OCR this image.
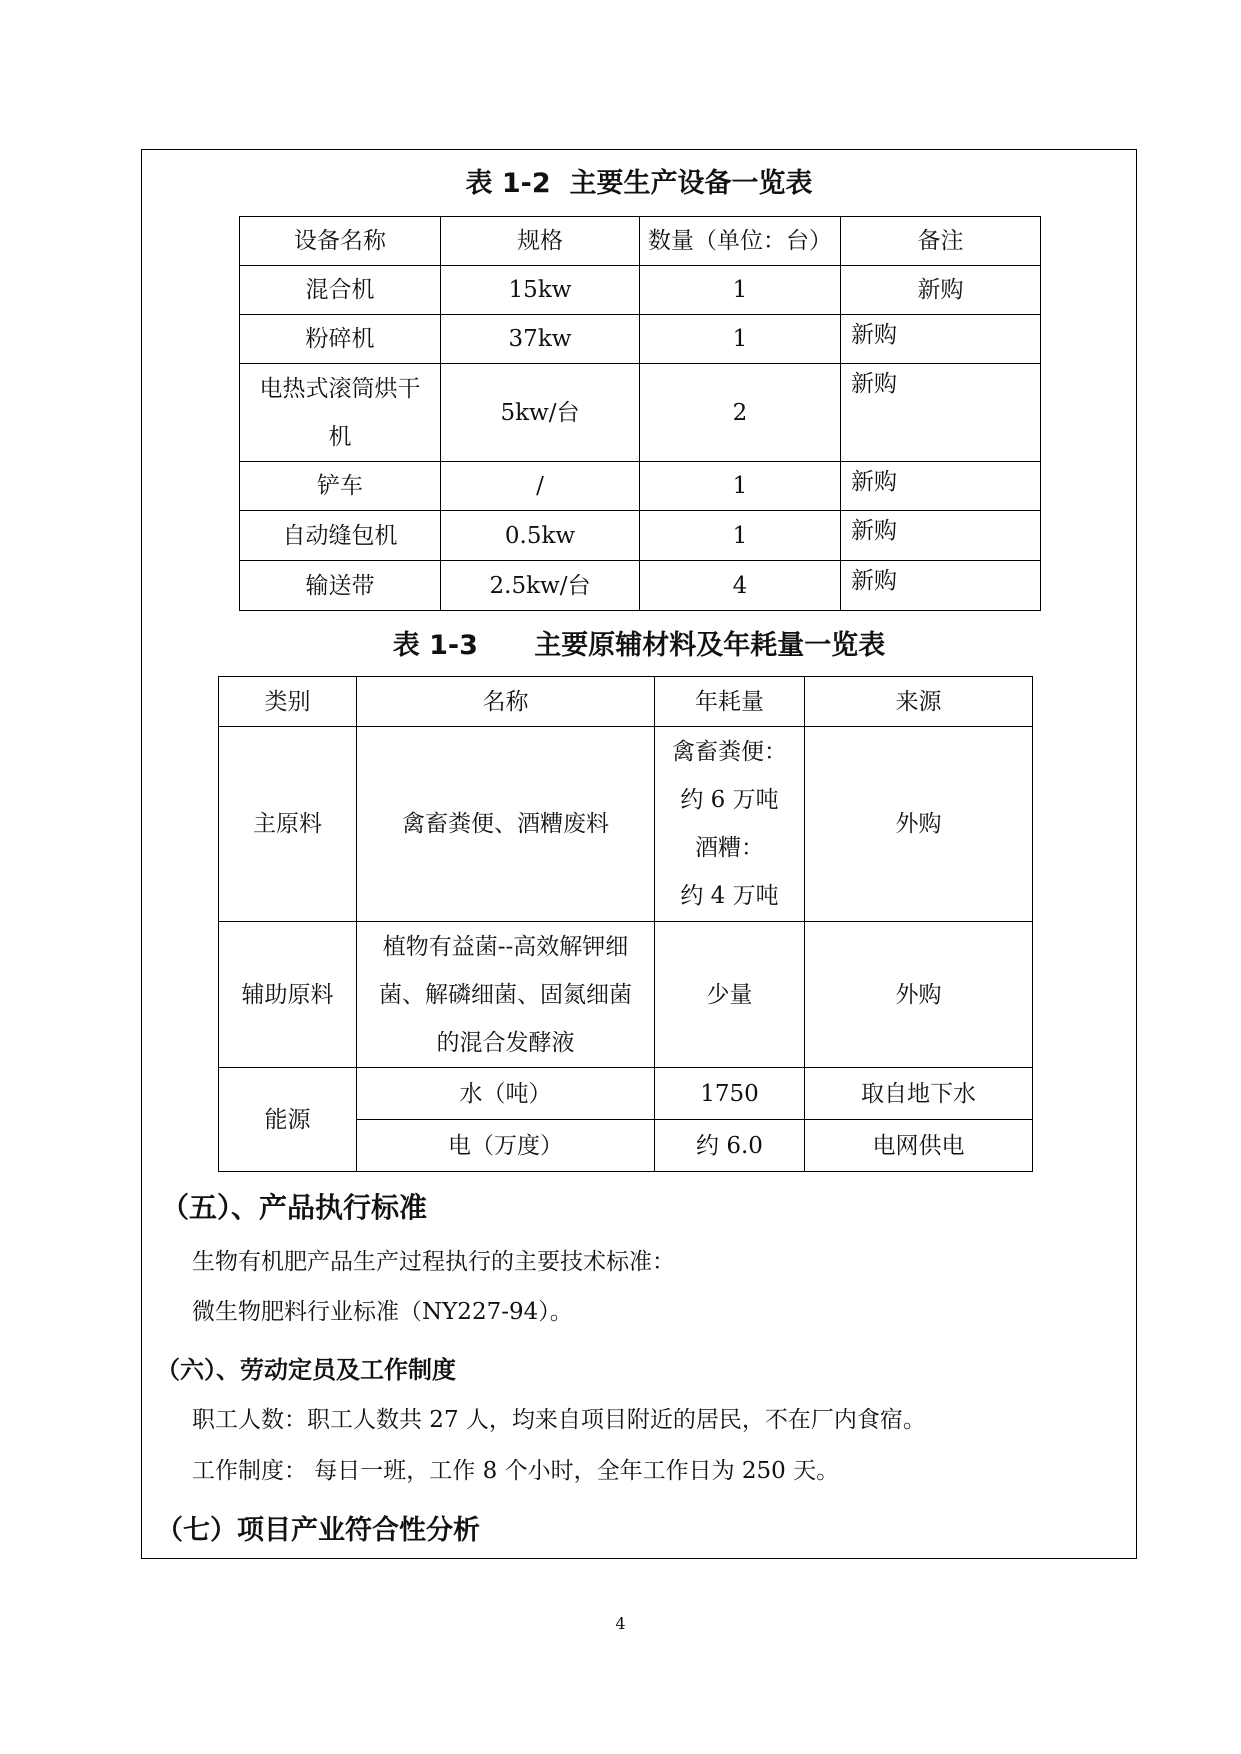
表 1-2  主要生产设备一览表
设备名称	规格	数量（单位：台）	备注
混合机	15kw	1	新购
粉碎机	37kw	1	新购

电热式滚筒烘干
机	5kw/台	2	新购
铲车	/	1	新购
自动缝包机	0.5kw	1	新购
输送带	2.5kw/台	4	新购
表 1-3      主要原辅材料及年耗量一览表
类别	名称	年耗量	来源
主原料	禽畜粪便、酒糟废料	禽畜粪便：
约 6 万吨
酒糟：
约 4 万吨	外购
辅助原料	植物有益菌--高效解钾细
菌、解磷细菌、固氮细菌
的混合发酵液	少量	外购
能源	水（吨）	1750	取自地下水
	电（万度）	约 6.0	电网供电
（五）、产品执行标准
生物有机肥产品生产过程执行的主要技术标准：
微生物肥料行业标准（NY227-94）。
（六）、劳动定员及工作制度
职工人数：职工人数共 27 人，均来自项目附近的居民，不在厂内食宿。
工作制度： 每日一班，工作 8 个小时，全年工作日为 250 天。
（七）项目产业符合性分析
4
